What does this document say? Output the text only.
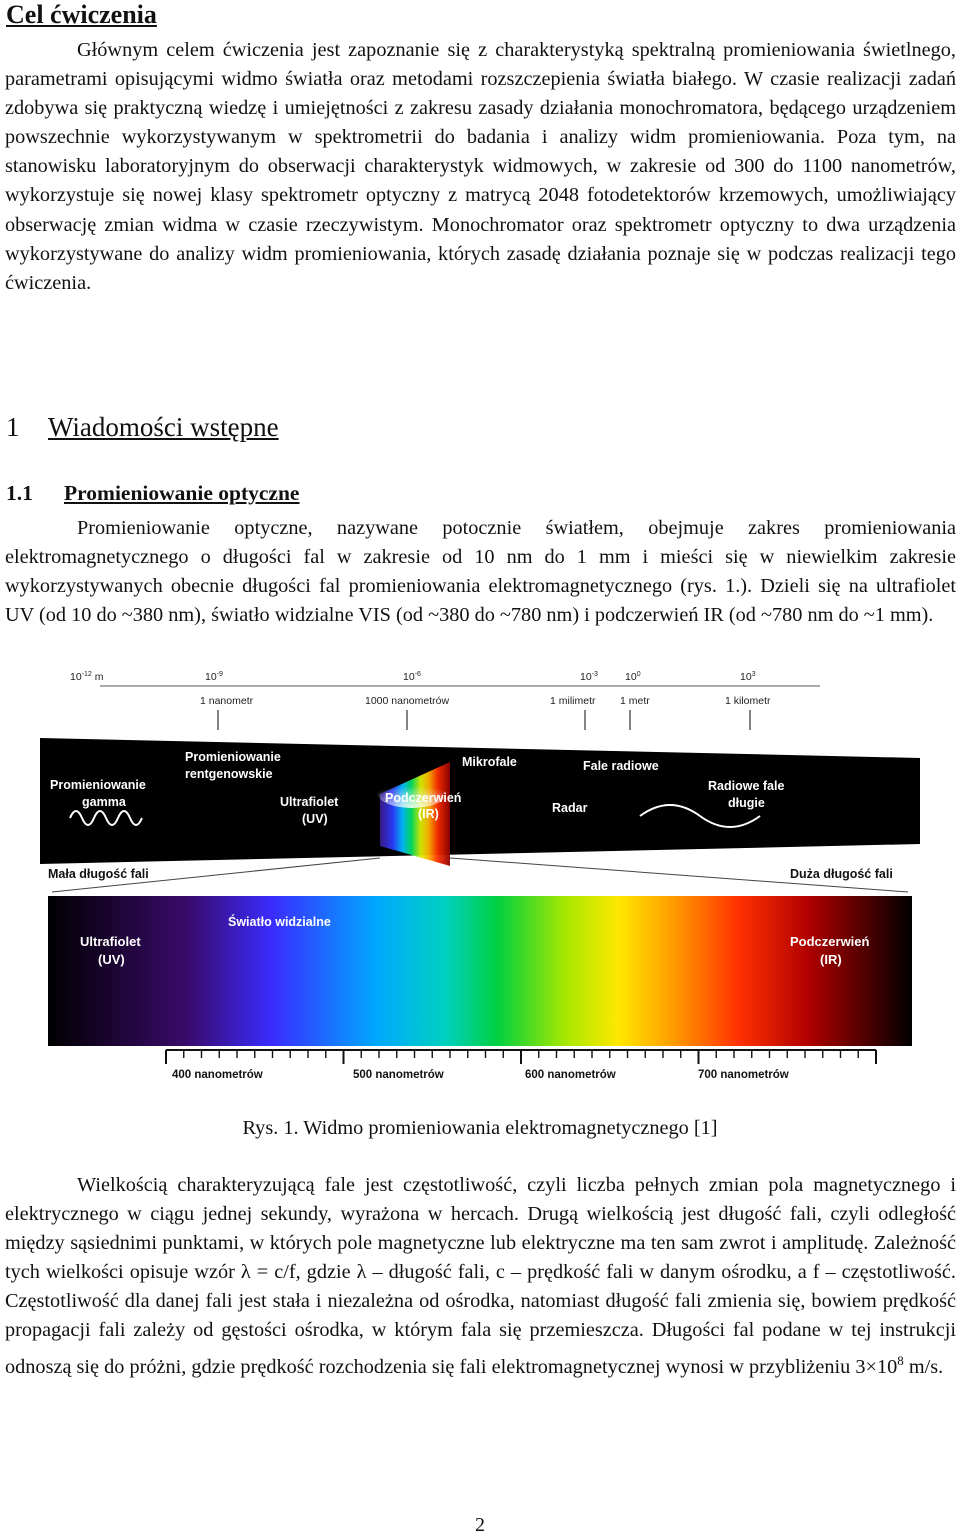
Cel ćwiczenia

Głównym celem ćwiczenia jest zapoznanie się z charakterystyką spektralną promieniowania świetlnego, parametrami opisującymi widmo światła oraz metodami rozszczepienia światła białego. W czasie realizacji zadań zdobywa się praktyczną wiedzę i umiejętności z zakresu zasady działania monochromatora, będącego urządzeniem powszechnie wykorzystywanym w spektrometrii do badania i analizy widm promieniowania. Poza tym, na stanowisku laboratoryjnym do obserwacji charakterystyk widmowych, w zakresie od 300 do 1100 nanometrów, wykorzystuje się nowej klasy spektrometr optyczny z matrycą 2048 fotodetektorów krzemowych, umożliwiający obserwację zmian widma w czasie rzeczywistym. Monochromator oraz spektrometr optyczny to dwa urządzenia wykorzystywane do analizy widm promieniowania, których zasadę działania poznaje się w podczas realizacji tego ćwiczenia.

1 Wiadomości wstępne
1.1 Promieniowanie optyczne

Promieniowanie optyczne, nazywane potocznie światłem, obejmuje zakres promieniowania elektromagnetycznego o długości fal w zakresie od 10 nm do 1 mm i mieści się w niewielkim zakresie wykorzystywanych obecnie długości fal promieniowania elektromagnetycznego (rys. 1.). Dzieli się na ultrafiolet UV (od 10 do ~380 nm), światło widzialne VIS (od ~380 do ~780 nm) i podczerwień IR (od ~780 nm do ~1 mm).

$10^{-12}$ m	$10^{-9}$	$10^{-6}$	$10^{-3}$	$10^0$	$10^3$
1 nanometr	1000 nanometrów	1 milimetr 1 metr	1 kilometr
Promieniowanie gamma
Promieniowanie rentgenowskie
Ultrafiolet (UV)
Podczerwień (IR)
Mikrofale
Radar
Fale radiowe
Radiowe fale długie
Mała długość fali	Duża długość fali
Światło widzialne
Ultrafiolet (UV)
Podczerwień (IR)
400 nanometrów	500 nanometrów	600 nanometrów	700 nanometrów
Rys. 1. Widmo promieniowania elektromagnetycznego [1]

Wielkością charakteryzującą fale jest częstotliwość, czyli liczba pełnych zmian pola magnetycznego i elektrycznego w ciągu jednej sekundy, wyrażona w hercach. Drugą wielkością jest długość fali, czyli odległość między sąsiednimi punktami, w których pole magnetyczne lub elektryczne ma ten sam zwrot i amplitudę. Zależność tych wielkości opisuje wzór λ = c/f, gdzie λ – długość fali, c – prędkość fali w danym ośrodku, a f – częstotliwość. Częstotliwość dla danej fali jest stała i niezależna od ośrodka, natomiast długość fali zmienia się, bowiem prędkość propagacji fali zależy od gęstości ośrodka, w którym fala się przemieszcza. Długości fal podane w tej instrukcji odnoszą się do próżni, gdzie prędkość rozchodzenia się fali elektromagnetycznej wynosi w przybliżeniu $3\times 10^8$ m/s.

2
